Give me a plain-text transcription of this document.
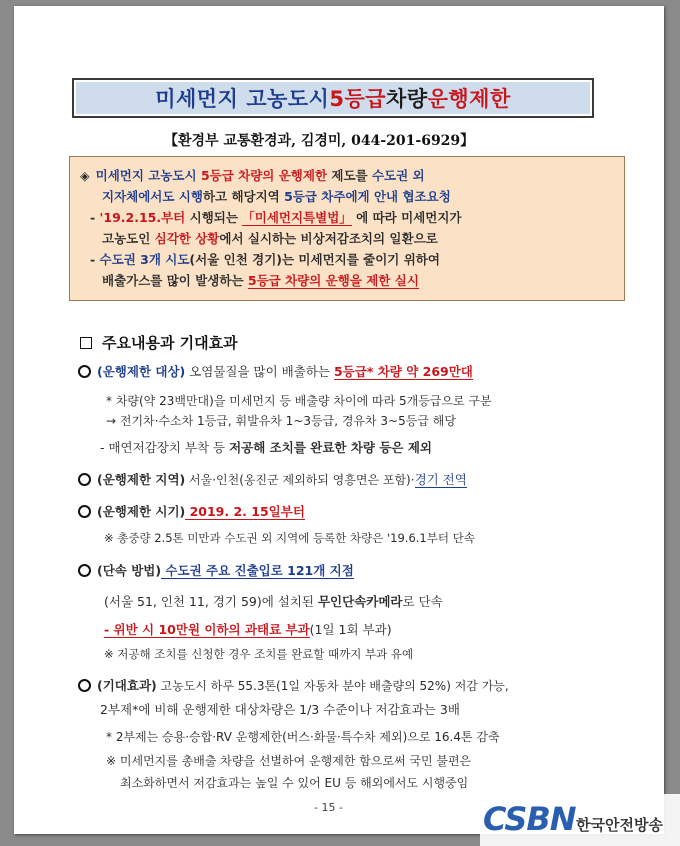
미세먼지 고농도시 5등급 차량 운행제한
【환경부 교통환경과, 김경미, 044-201-6929】
◈ 미세먼지 고농도시 5등급 차량의 운행제한 제도를 수도권 외
지자체에서도 시행하고 해당지역 5등급 차주에게 안내 협조요청
- '19.2.15.부터 시행되는 「미세먼지특별법」 에 따라 미세먼지가
고농도인 심각한 상황에서 실시하는 비상저감조치의 일환으로
- 수도권 3개 시도(서울 인천 경기)는 미세먼지를 줄이기 위하여
배출가스를 많이 발생하는 5등급 차량의 운행을 제한 실시
주요내용과 기대효과
(운행제한 대상) 오염물질을 많이 배출하는 5등급* 차량 약 269만대
* 차량(약 23백만대)을 미세먼지 등 배출량 차이에 따라 5개등급으로 구분
→ 전기차·수소차 1등급, 휘발유차 1~3등급, 경유차 3~5등급 해당
- 매연저감장치 부착 등 저공해 조치를 완료한 차량 등은 제외
(운행제한 지역) 서울·인천(옹진군 제외하되 영흥면은 포함)·경기 전역
(운행제한 시기) 2019. 2. 15일부터
※ 총중량 2.5톤 미만과 수도권 외 지역에 등록한 차량은 '19.6.1부터 단속
(단속 방법) 수도권 주요 진출입로 121개 지점
(서울 51, 인천 11, 경기 59)에 설치된 무인단속카메라로 단속
- 위반 시 10만원 이하의 과태료 부과(1일 1회 부과)
※ 저공해 조치를 신청한 경우 조치를 완료할 때까지 부과 유예
(기대효과) 고농도시 하루 55.3톤(1일 자동차 분야 배출량의 52%) 저감 가능,
2부제*에 비해 운행제한 대상차량은 1/3 수준이나 저감효과는 3배
* 2부제는 승용·승합·RV 운행제한(버스·화물·특수차 제외)으로 16.4톤 감축
※ 미세먼지를 총배출 차량을 선별하여 운행제한 함으로써 국민 불편은
최소화하면서 저감효과는 높일 수 있어 EU 등 해외에서도 시행중임
- 15 -	CSBN 한국안전방송
